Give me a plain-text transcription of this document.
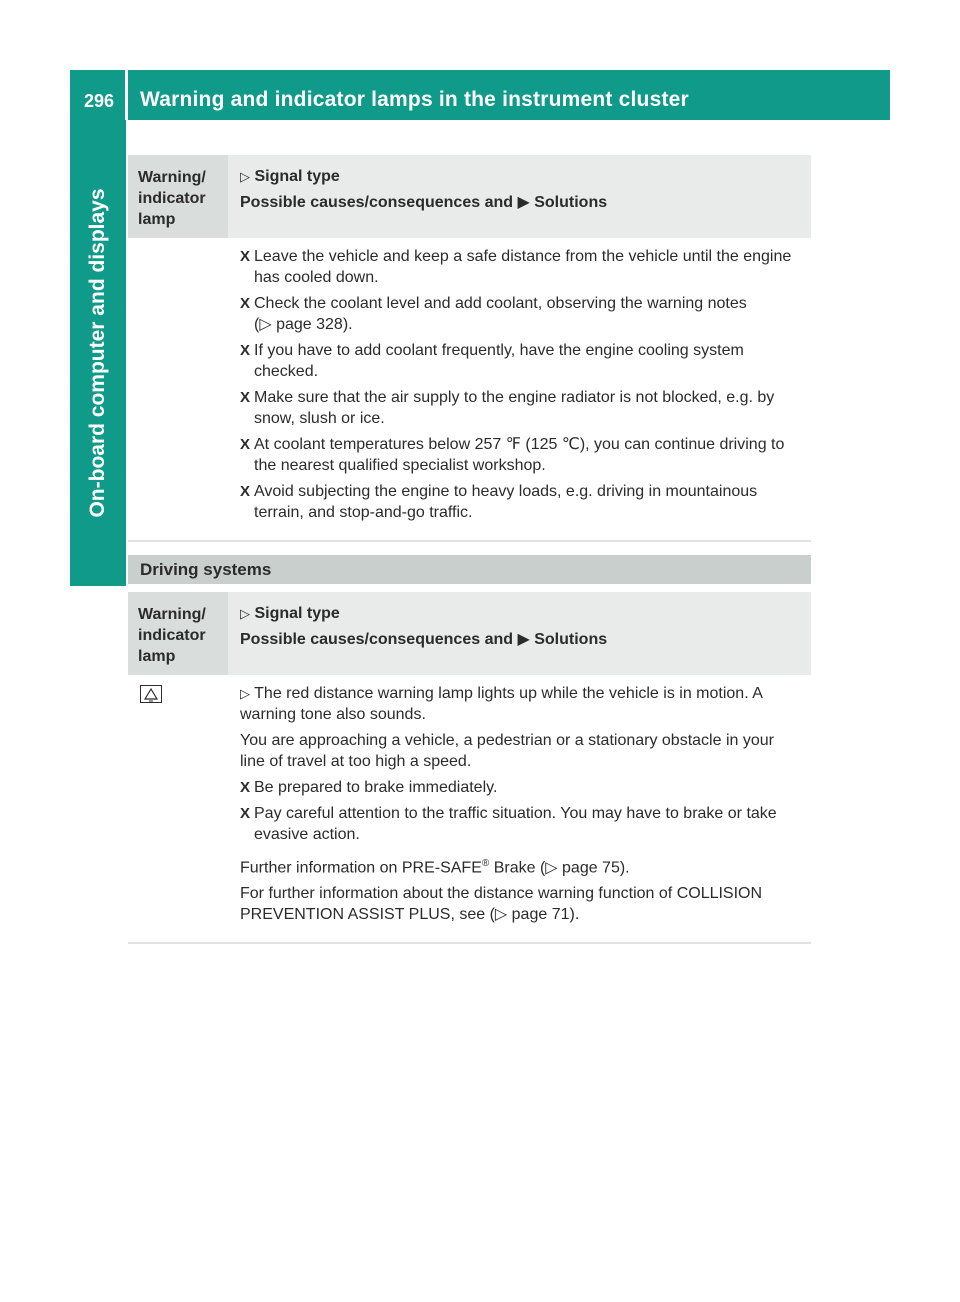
296 Warning and indicator lamps in the instrument cluster
On-board computer and displays
Warning/
indicator
lamp
▷ Signal type
Possible causes/consequences and ▶ Solutions
X Leave the vehicle and keep a safe distance from the vehicle until the engine
has cooled down.
X Check the coolant level and add coolant, observing the warning notes
(▷ page 328).
X If you have to add coolant frequently, have the engine cooling system
checked.
X Make sure that the air supply to the engine radiator is not blocked, e.g. by
snow, slush or ice.
X At coolant temperatures below 257 ℉ (125 ℃), you can continue driving to
the nearest qualified specialist workshop.
X Avoid subjecting the engine to heavy loads, e.g. driving in mountainous
terrain, and stop-and-go traffic.
Driving systems
Warning/
indicator
lamp
▷ Signal type
Possible causes/consequences and ▶ Solutions
▷ The red distance warning lamp lights up while the vehicle is in motion. A
warning tone also sounds.
You are approaching a vehicle, a pedestrian or a stationary obstacle in your
line of travel at too high a speed.
X Be prepared to brake immediately.
X Pay careful attention to the traffic situation. You may have to brake or take
evasive action.
Further information on PRE-SAFE® Brake (▷ page 75).
For further information about the distance warning function of COLLISION
PREVENTION ASSIST PLUS, see (▷ page 71).
